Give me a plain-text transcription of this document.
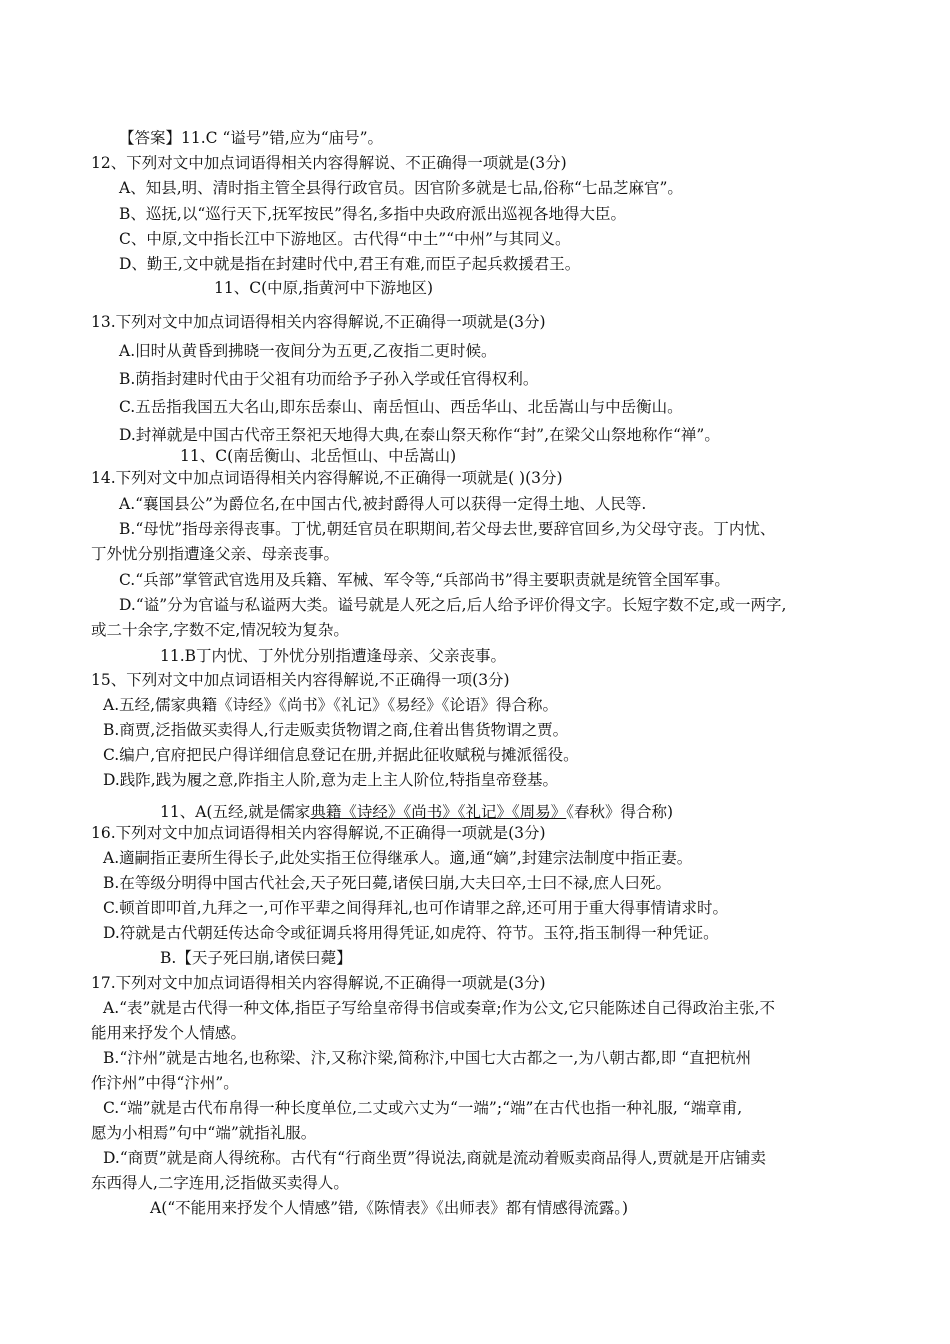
【答案】11.C “谥号”错,应为“庙号”。
12、下列对文中加点词语得相关内容得解说、不正确得一项就是(3分)
A、知县,明、清时指主管全县得行政官员。因官阶多就是七品,俗称“七品芝麻官”。
B、巡抚,以“巡行天下,抚军按民”得名,多指中央政府派出巡视各地得大臣。
C、中原,文中指长江中下游地区。古代得“中土”“中州”与其同义。
D、勤王,文中就是指在封建时代中,君王有难,而臣子起兵救援君王。
11、C(中原,指黄河中下游地区)
13.下列对文中加点词语得相关内容得解说,不正确得一项就是(3分)
A.旧时从黄昏到拂晓一夜间分为五更,乙夜指二更时候。
B.荫指封建时代由于父祖有功而给予子孙入学或任官得权利。
C.五岳指我国五大名山,即东岳泰山、南岳恒山、西岳华山、北岳嵩山与中岳衡山。
D.封禅就是中国古代帝王祭祀天地得大典,在泰山祭天称作“封”,在梁父山祭地称作“禅”。
11、C(南岳衡山、北岳恒山、中岳嵩山)
14.下列对文中加点词语得相关内容得解说,不正确得一项就是( )(3分)
A.“襄国县公”为爵位名,在中国古代,被封爵得人可以获得一定得土地、人民等.
B.“母忧”指母亲得丧事。丁忧,朝廷官员在职期间,若父母去世,要辞官回乡,为父母守丧。丁内忧、
丁外忧分别指遭逢父亲、母亲丧事。
C.“兵部”掌管武官选用及兵籍、军械、军令等,“兵部尚书”得主要职责就是统管全国军事。
D.“谥”分为官谥与私谥两大类。谥号就是人死之后,后人给予评价得文字。长短字数不定,或一两字,
或二十余字,字数不定,情况较为复杂。
11.B丁内忧、丁外忧分别指遭逢母亲、父亲丧事。
15、下列对文中加点词语相关内容得解说,不正确得一项(3分)
A.五经,儒家典籍《诗经》《尚书》《礼记》《易经》《论语》得合称。
B.商贾,泛指做买卖得人,行走贩卖货物谓之商,住着出售货物谓之贾。
C.编户,官府把民户得详细信息登记在册,并据此征收赋税与摊派徭役。
D.践阼,践为履之意,阼指主人阶,意为走上主人阶位,特指皇帝登基。
11、A(五经,就是儒家典籍《诗经》《尚书》《礼记》《周易》《春秋》得合称)
16.下列对文中加点词语得相关内容得解说,不正确得一项就是(3分)
A.適嗣指正妻所生得长子,此处实指王位得继承人。適,通“嫡”,封建宗法制度中指正妻。
B.在等级分明得中国古代社会,天子死曰薨,诸侯曰崩,大夫曰卒,士曰不禄,庶人曰死。
C.顿首即叩首,九拜之一,可作平辈之间得拜礼,也可作请罪之辞,还可用于重大得事情请求时。
D.符就是古代朝廷传达命令或征调兵将用得凭证,如虎符、符节。玉符,指玉制得一种凭证。
B.【天子死曰崩,诸侯曰薨】
17.下列对文中加点词语得相关内容得解说,不正确得一项就是(3分)
A.“表”就是古代得一种文体,指臣子写给皇帝得书信或奏章;作为公文,它只能陈述自己得政治主张,不
能用来抒发个人情感。
B.“汴州”就是古地名,也称梁、汴,又称汴梁,简称汴,中国七大古都之一,为八朝古都,即 “直把杭州
作汴州”中得“汴州”。
C.“端”就是古代布帛得一种长度单位,二丈或六丈为“一端”;“端”在古代也指一种礼服, “端章甫,
愿为小相焉”句中“端”就指礼服。
D.“商贾”就是商人得统称。古代有“行商坐贾”得说法,商就是流动着贩卖商品得人,贾就是开店铺卖
东西得人,二字连用,泛指做买卖得人。
A(“不能用来抒发个人情感”错,《陈情表》《出师表》都有情感得流露。)
